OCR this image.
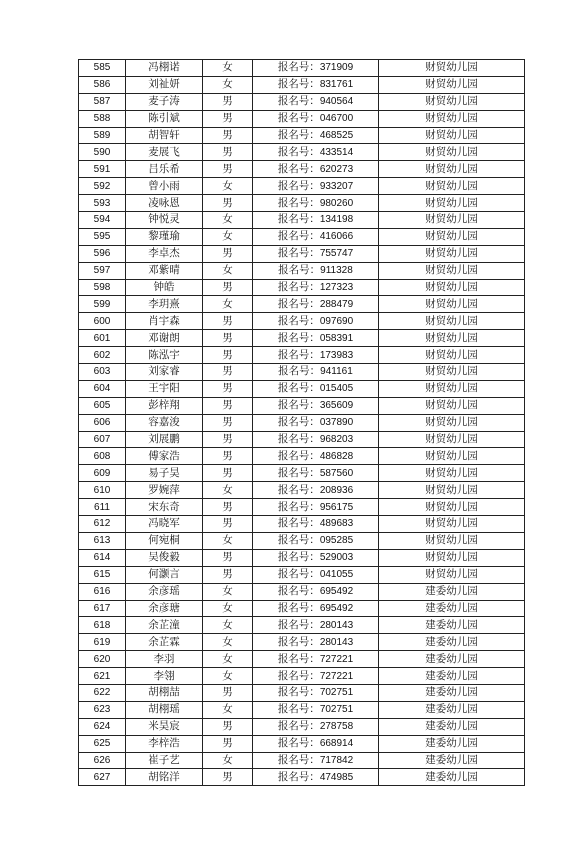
585	冯栩诺	女	报名号：371909	财贸幼儿园
586	刘祉妍	女	报名号：831761	财贸幼儿园
587	麦子涛	男	报名号：940564	财贸幼儿园
588	陈引斌	男	报名号：046700	财贸幼儿园
589	胡智轩	男	报名号：468525	财贸幼儿园
590	麦展飞	男	报名号：433514	财贸幼儿园
591	吕乐希	男	报名号：620273	财贸幼儿园
592	曾小雨	女	报名号：933207	财贸幼儿园
593	凌咏恩	男	报名号：980260	财贸幼儿园
594	钟悦灵	女	报名号：134198	财贸幼儿园
595	黎瑾瑜	女	报名号：416066	财贸幼儿园
596	李卓杰	男	报名号：755747	财贸幼儿园
597	邓紫晴	女	报名号：911328	财贸幼儿园
598	钟皓	男	报名号：127323	财贸幼儿园
599	李玥熹	女	报名号：288479	财贸幼儿园
600	肖宇森	男	报名号：097690	财贸幼儿园
601	邓谢朗	男	报名号：058391	财贸幼儿园
602	陈泓宇	男	报名号：173983	财贸幼儿园
603	刘家睿	男	报名号：941161	财贸幼儿园
604	王宇阳	男	报名号：015405	财贸幼儿园
605	彭梓翔	男	报名号：365609	财贸幼儿园
606	容嘉浚	男	报名号：037890	财贸幼儿园
607	刘展鹏	男	报名号：968203	财贸幼儿园
608	傅家浩	男	报名号：486828	财贸幼儿园
609	易子昊	男	报名号：587560	财贸幼儿园
610	罗婉萍	女	报名号：208936	财贸幼儿园
611	宋东奇	男	报名号：956175	财贸幼儿园
612	冯晓军	男	报名号：489683	财贸幼儿园
613	何宛桐	女	报名号：095285	财贸幼儿园
614	吴俊毅	男	报名号：529003	财贸幼儿园
615	何灏言	男	报名号：041055	财贸幼儿园
616	余彦瑶	女	报名号：695492	建委幼儿园
617	余彦瑭	女	报名号：695492	建委幼儿园
618	余芷潼	女	报名号：280143	建委幼儿园
619	余芷霖	女	报名号：280143	建委幼儿园
620	李羽	女	报名号：727221	建委幼儿园
621	李翎	女	报名号：727221	建委幼儿园
622	胡栩喆	男	报名号：702751	建委幼儿园
623	胡栩瑶	女	报名号：702751	建委幼儿园
624	米昊宸	男	报名号：278758	建委幼儿园
625	李梓浩	男	报名号：668914	建委幼儿园
626	崔子艺	女	报名号：717842	建委幼儿园
627	胡铭洋	男	报名号：474985	建委幼儿园
